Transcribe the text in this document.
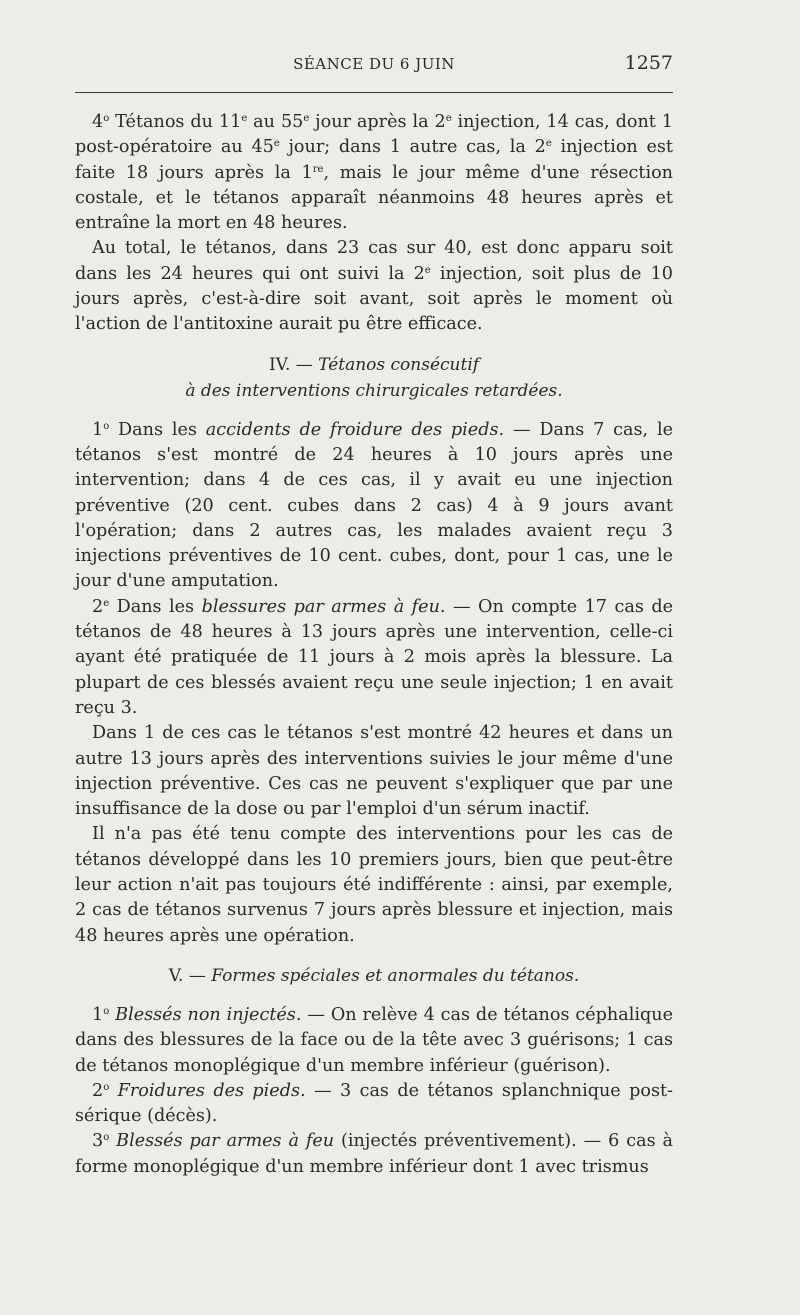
SÉANCE DU 6 JUIN	1257

4$^o$ Tétanos du 11e au 55e jour après la 2e injection, 14 cas, dont 1 post-opératoire au 45e jour; dans 1 autre cas, la 2e injection est faite 18 jours après la 1re, mais le jour même d'une résection costale, et le tétanos apparaît néanmoins 48 heures après et entraîne la mort en 48 heures.

Au total, le tétanos, dans 23 cas sur 40, est donc apparu soit dans les 24 heures qui ont suivi la 2e injection, soit plus de 10 jours après, c'est-à-dire soit avant, soit après le moment où l'action de l'antitoxine aurait pu être efficace.

IV. — Tétanos consécutif

à des interventions chirurgicales retardées.

1$^o$ Dans les accidents de froidure des pieds. — Dans 7 cas, le tétanos s'est montré de 24 heures à 10 jours après une intervention; dans 4 de ces cas, il y avait eu une injection préventive (20 cent. cubes dans 2 cas) 4 à 9 jours avant l'opération; dans 2 autres cas, les malades avaient reçu 3 injections préventives de 10 cent. cubes, dont, pour 1 cas, une le jour d'une amputation.

2e Dans les blessures par armes à feu. — On compte 17 cas de tétanos de 48 heures à 13 jours après une intervention, celle-ci ayant été pratiquée de 11 jours à 2 mois après la blessure. La plupart de ces blessés avaient reçu une seule injection; 1 en avait reçu 3.

Dans 1 de ces cas le tétanos s'est montré 42 heures et dans un autre 13 jours après des interventions suivies le jour même d'une injection préventive. Ces cas ne peuvent s'expliquer que par une insuffisance de la dose ou par l'emploi d'un sérum inactif.

Il n'a pas été tenu compte des interventions pour les cas de tétanos développé dans les 10 premiers jours, bien que peut-être leur action n'ait pas toujours été indifférente : ainsi, par exemple, 2 cas de tétanos survenus 7 jours après blessure et injection, mais 48 heures après une opération.

V. — Formes spéciales et anormales du tétanos.

1$^o$ Blessés non injectés. — On relève 4 cas de tétanos céphalique dans des blessures de la face ou de la tête avec 3 guérisons; 1 cas de tétanos monoplégique d'un membre inférieur (guérison).

2$^o$ Froidures des pieds. — 3 cas de tétanos splanchnique post-sérique (décès).

3$^o$ Blessés par armes à feu (injectés préventivement). — 6 cas à forme monoplégique d'un membre inférieur dont 1 avec trismus
